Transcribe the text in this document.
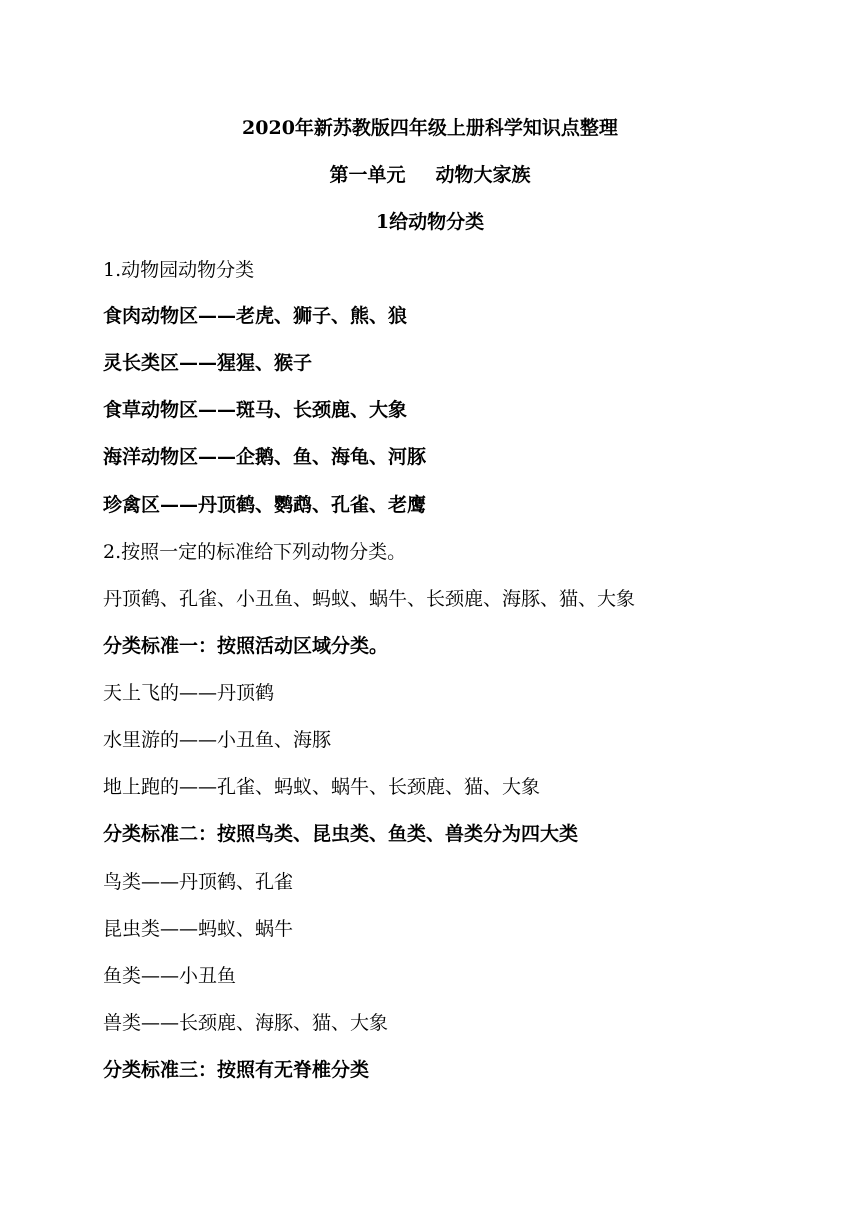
2020年新苏教版四年级上册科学知识点整理
第一单元 动物大家族
1给动物分类
1.动物园动物分类
食肉动物区——老虎、狮子、熊、狼
灵长类区——猩猩、猴子
食草动物区——斑马、长颈鹿、大象
海洋动物区——企鹅、鱼、海龟、河豚
珍禽区——丹顶鹤、鹦鹉、孔雀、老鹰
2.按照一定的标准给下列动物分类。
丹顶鹤、孔雀、小丑鱼、蚂蚁、蜗牛、长颈鹿、海豚、猫、大象
分类标准一：按照活动区域分类。
天上飞的——丹顶鹤
水里游的——小丑鱼、海豚
地上跑的——孔雀、蚂蚁、蜗牛、长颈鹿、猫、大象
分类标准二：按照鸟类、昆虫类、鱼类、兽类分为四大类
鸟类——丹顶鹤、孔雀
昆虫类——蚂蚁、蜗牛
鱼类——小丑鱼
兽类——长颈鹿、海豚、猫、大象
分类标准三：按照有无脊椎分类
